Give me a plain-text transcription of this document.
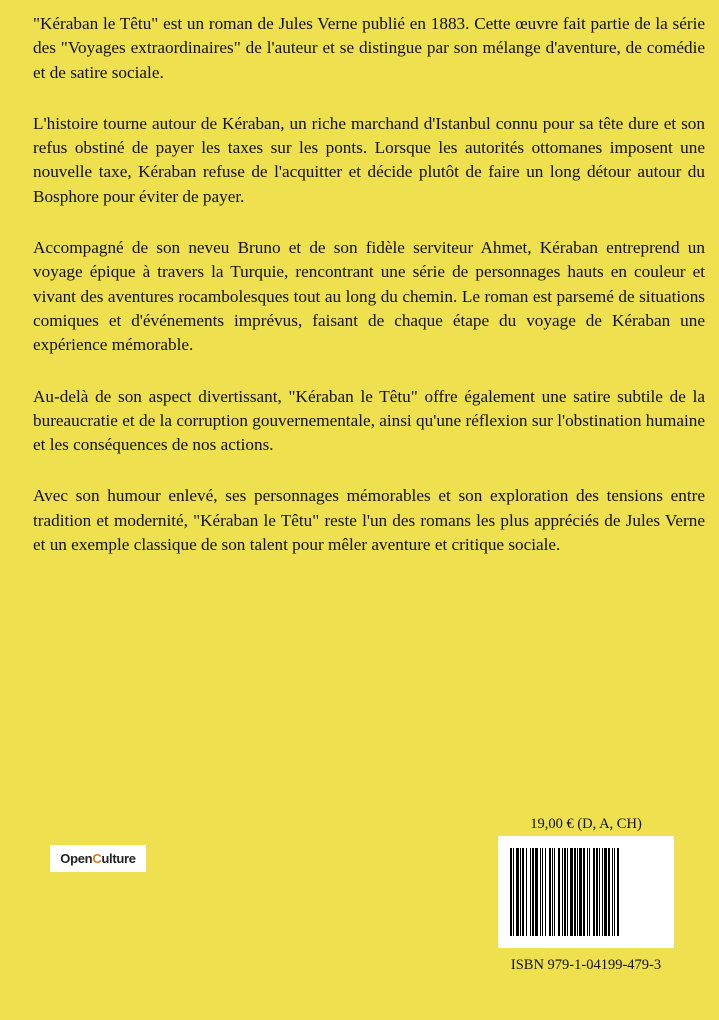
"Kéraban le Têtu" est un roman de Jules Verne publié en 1883. Cette œuvre fait partie de la série des "Voyages extraordinaires" de l'auteur et se distingue par son mélange d'aventure, de comédie et de satire sociale.

L'histoire tourne autour de Kéraban, un riche marchand d'Istanbul connu pour sa tête dure et son refus obstiné de payer les taxes sur les ponts. Lorsque les autorités ottomanes imposent une nouvelle taxe, Kéraban refuse de l'acquitter et décide plutôt de faire un long détour autour du Bosphore pour éviter de payer.

Accompagné de son neveu Bruno et de son fidèle serviteur Ahmet, Kéraban entreprend un voyage épique à travers la Turquie, rencontrant une série de personnages hauts en couleur et vivant des aventures rocambolesques tout au long du chemin. Le roman est parsemé de situations comiques et d'événements imprévus, faisant de chaque étape du voyage de Kéraban une expérience mémorable.

Au-delà de son aspect divertissant, "Kéraban le Têtu" offre également une satire subtile de la bureaucratie et de la corruption gouvernementale, ainsi qu'une réflexion sur l'obstination humaine et les conséquences de nos actions.

Avec son humour enlevé, ses personnages mémorables et son exploration des tensions entre tradition et modernité, "Kéraban le Têtu" reste l'un des romans les plus appréciés de Jules Verne et un exemple classique de son talent pour mêler aventure et critique sociale.

Open C ulture
19,00 € (D, A, CH)
ISBN 979-1-04199-479-3
